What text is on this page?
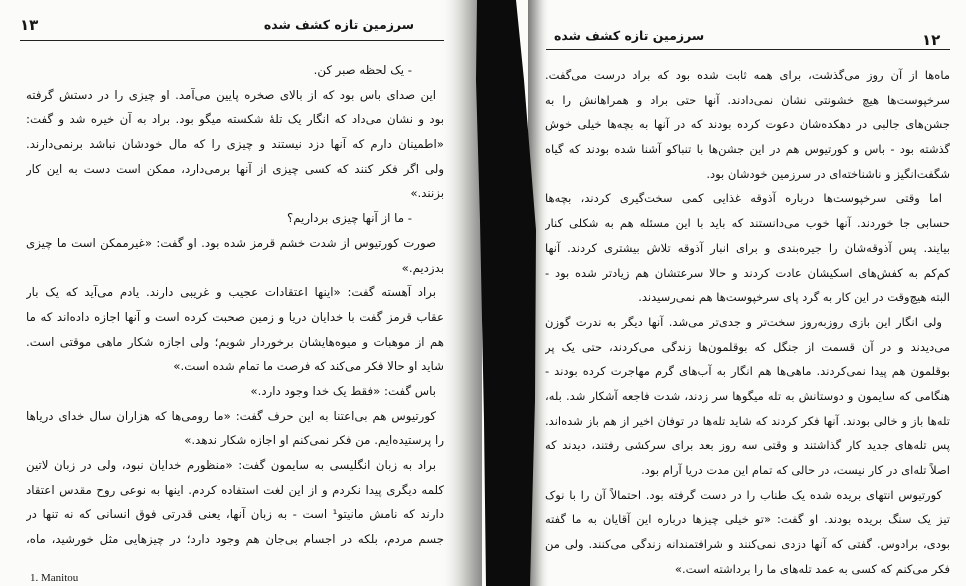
۱۳	سرزمین تازه کشف شده
- یک لحظه صبر کن.
این صدای باس بود که از بالای صخره پایین می‌آمد. او چیزی را در دستش گرفته
بود و نشان می‌داد که انگار یک تلهٔ شکسته میگو بود. براد به آن خیره شد و گفت:
«اطمینان دارم که آنها دزد نیستند و چیزی را که مال خودشان نباشد برنمی‌دارند.
ولی اگر فکر کنند که کسی چیزی از آنها برمی‌دارد، ممکن است دست به این کار
بزنند.»
- ما از آنها چیزی برداریم؟
صورت کورتیوس از شدت خشم قرمز شده بود. او گفت: «غیرممکن است ما چیزی
بدزدیم.»
براد آهسته گفت: «اینها اعتقادات عجیب و غریبی دارند. یادم می‌آید که یک بار
عقاب قرمز گفت با خدایان دریا و زمین صحبت کرده است و آنها اجازه داده‌اند که ما
هم از موهبات و میوه‌هایشان برخوردار شویم؛ ولی اجازه شکار ماهی موقتی است.
شاید او حالا فکر می‌کند که فرصت ما تمام شده است.»
باس گفت: «فقط یک خدا وجود دارد.»
کورتیوس هم بی‌اعتنا به این حرف گفت: «ما رومی‌ها که هزاران سال خدای دریاها
را پرستیده‌ایم. من فکر نمی‌کنم او اجازه شکار ندهد.»
براد به زبان انگلیسی به سایمون گفت: «منظورم خدایان نبود، ولی در زبان لاتین
کلمه دیگری پیدا نکردم و از این لغت استفاده کردم. اینها به نوعی روح مقدس اعتقاد
دارند که نامش مانیتو¹ است - به زبان آنها، یعنی قدرتی فوق انسانی که نه تنها در
جسم مردم، بلکه در اجسام بی‌جان هم وجود دارد؛ در چیزهایی مثل خورشید، ماه،
1. Manitou
سرزمین تازه کشف شده	۱۲
ماه‌ها از آن روز می‌گذشت، برای همه ثابت شده بود که براد درست می‌گفت.
سرخپوست‌ها هیچ خشونتی نشان نمی‌دادند. آنها حتی براد و همراهانش را به
جشن‌های جالبی در دهکده‌شان دعوت کرده بودند که در آنها به بچه‌ها خیلی خوش
گذشته بود - باس و کورتیوس هم در این جشن‌ها با تنباکو آشنا شده بودند که گیاه
شگفت‌انگیز و ناشناخته‌ای در سرزمین خودشان بود.
اما وقتی سرخپوست‌ها درباره آذوقه غذایی کمی سخت‌گیری کردند، بچه‌ها
حسابی جا خوردند. آنها خوب می‌دانستند که باید با این مسئله هم به شکلی کنار
بیایند. پس آذوقه‌شان را جیره‌بندی و برای انبار آذوقه تلاش بیشتری کردند. آنها
کم‌کم به کفش‌های اسکیشان عادت کردند و حالا سرعتشان هم زیادتر شده بود -
البته هیچ‌وقت در این کار به گرد پای سرخپوست‌ها هم نمی‌رسیدند.
ولی انگار این بازی روزبه‌روز سخت‌تر و جدی‌تر می‌شد. آنها دیگر به ندرت گوزن
می‌دیدند و در آن قسمت از جنگل که بوقلمون‌ها زندگی می‌کردند، حتی یک پر
بوقلمون هم پیدا نمی‌کردند. ماهی‌ها هم انگار به آب‌های گرم مهاجرت کرده بودند -
هنگامی که سایمون و دوستانش به تله میگوها سر زدند، شدت فاجعه آشکار شد. بله،
تله‌ها باز و خالی بودند. آنها فکر کردند که شاید تله‌ها در توفان اخیر از هم باز شده‌اند.
پس تله‌های جدید کار گذاشتند و وقتی سه روز بعد برای سرکشی رفتند، دیدند که
اصلاً تله‌ای در کار نیست، در حالی که تمام این مدت دریا آرام بود.
کورتیوس انتهای بریده شده یک طناب را در دست گرفته بود. احتمالاً آن را با نوک
تیز یک سنگ بریده بودند. او گفت: «تو خیلی چیزها درباره این آقایان به ما گفته
بودی، برادوس. گفتی که آنها دزدی نمی‌کنند و شرافتمندانه زندگی می‌کنند. ولی من
فکر می‌کنم که کسی به عمد تله‌های ما را برداشته است.»
